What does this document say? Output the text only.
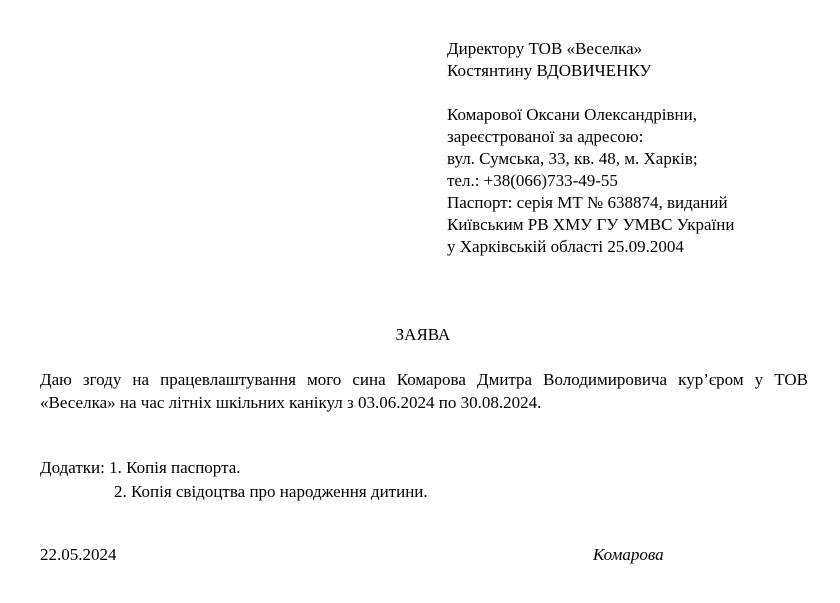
Директору ТОВ «Веселка»
Костянтину ВДОВИЧЕНКУ
Комарової Оксани Олександрівни,
зареєстрованої за адресою:
вул. Сумська, 33, кв. 48, м. Харків;
тел.: +38(066)733-49-55
Паспорт: серія МТ № 638874, виданий
Київським РВ ХМУ ГУ УМВС України
у Харківській області 25.09.2004
ЗАЯВА
Даю згоду на працевлаштування мого сина Комарова Дмитра Володимировича кур’єром у ТОВ «Веселка» на час літніх шкільних канікул з 03.06.2024 по 30.08.2024.
Додатки: 1. Копія паспорта.
2. Копія свідоцтва про народження дитини.
22.05.2024	Комарова
